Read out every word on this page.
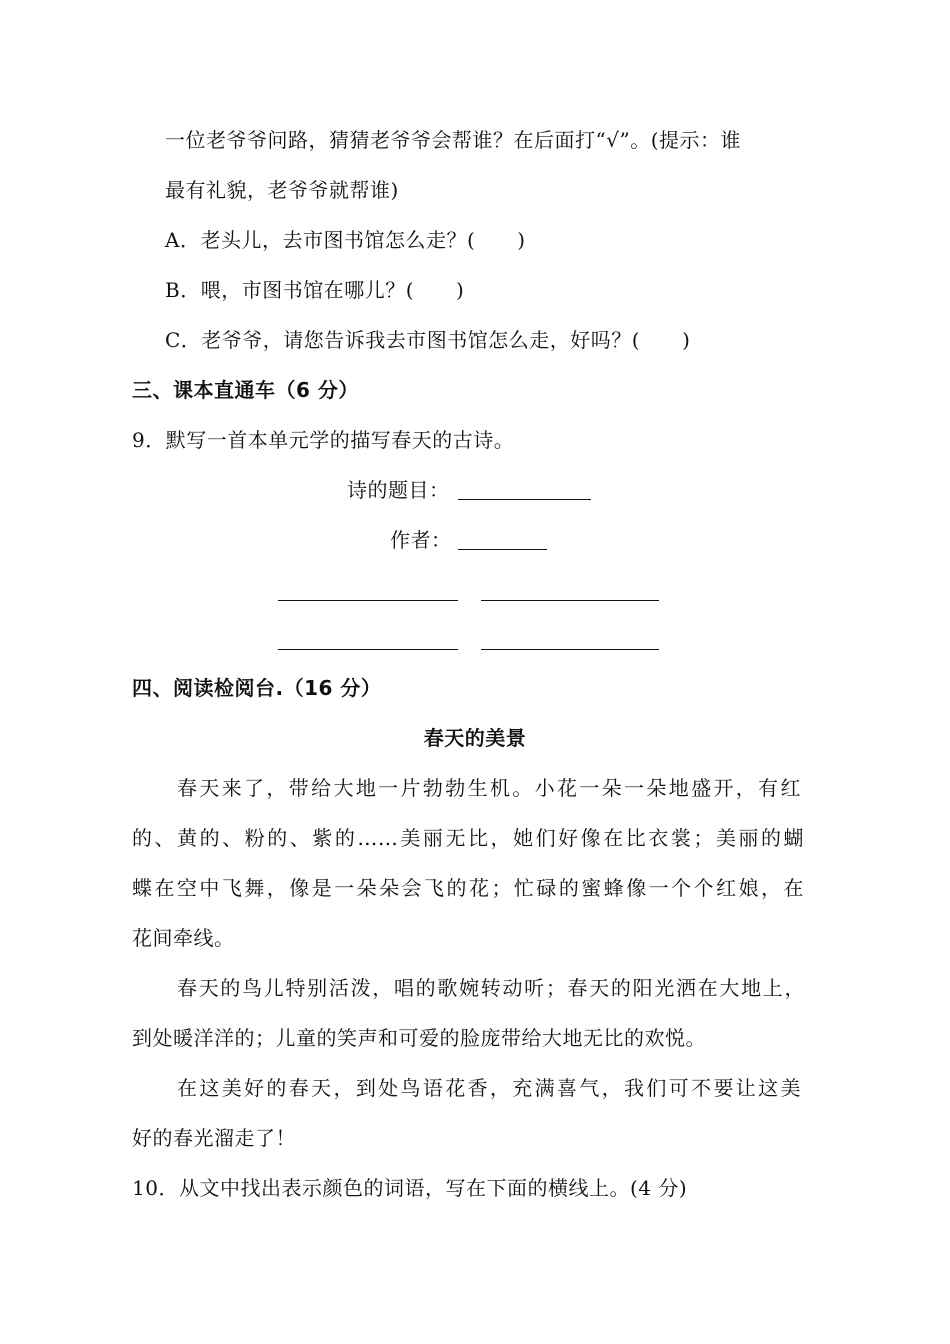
一位老爷爷问路，猜猜老爷爷会帮谁？在后面打“√”。(提示：谁
最有礼貌，老爷爷就帮谁)
A．老头儿，去市图书馆怎么走？( )
B．喂，市图书馆在哪儿？( )
C．老爷爷，请您告诉我去市图书馆怎么走，好吗？( )
三、课本直通车（6 分）
9．默写一首本单元学的描写春天的古诗。
诗的题目：
作者：
四、阅读检阅台.（16 分）
春天的美景
春天来了，带给大地一片勃勃生机。小花一朵一朵地盛开，有红
的、黄的、粉的、紫的……美丽无比，她们好像在比衣裳；美丽的蝴
蝶在空中飞舞，像是一朵朵会飞的花；忙碌的蜜蜂像一个个红娘，在
花间牵线。
春天的鸟儿特别活泼，唱的歌婉转动听；春天的阳光洒在大地上，
到处暖洋洋的；儿童的笑声和可爱的脸庞带给大地无比的欢悦。
在这美好的春天，到处鸟语花香，充满喜气，我们可不要让这美
好的春光溜走了！
10．从文中找出表示颜色的词语，写在下面的横线上。(4 分)
